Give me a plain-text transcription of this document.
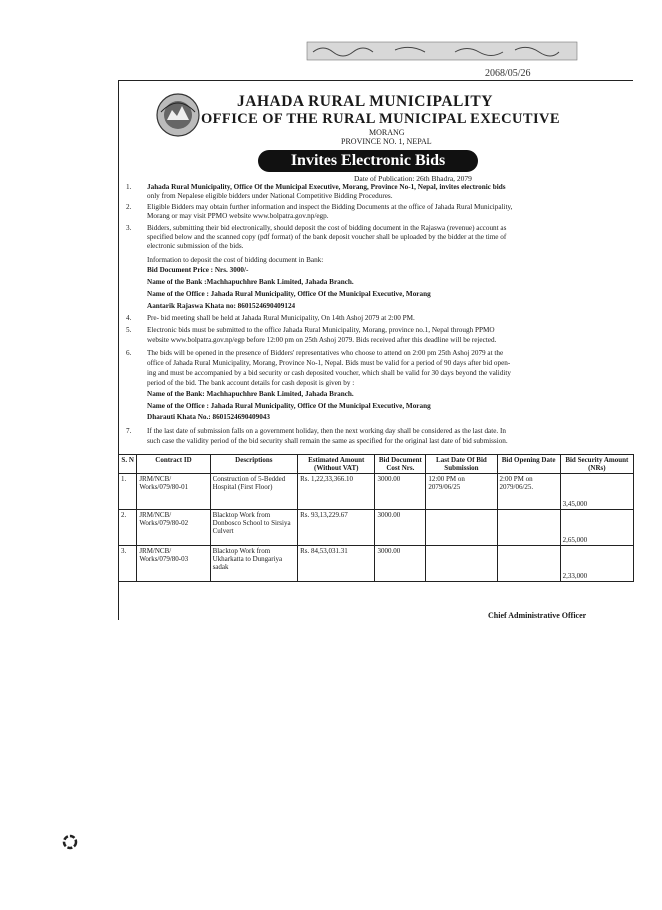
2068/05/26
JAHADA RURAL MUNICIPALITY
OFFICE OF THE RURAL MUNICIPAL EXECUTIVE
MORANG
PROVINCE NO. 1, NEPAL
Invites Electronic Bids
Date of Publication: 26th Bhadra, 2079
1. Jahada Rural Municipality, Office Of the Municipal Executive, Morang, Province No-1, Nepal, invites electronic bids
only from Nepalese eligible bidders under National Competitive Bidding Procedures.
2. Eligible Bidders may obtain further information and inspect the Bidding Documents at the office of Jahada Rural Municipality,
Morang or may visit PPMO website www.bolpatra.gov.np/egp.
3. Bidders, submitting their bid electronically, should deposit the cost of bidding document in the Rajaswa (revenue) account as
specified below and the scanned copy (pdf format) of the bank deposit voucher shall be uploaded by the bidder at the time of
electronic submission of the bids.
Information to deposit the cost of bidding document in Bank:
Bid Document Price : Nrs. 3000/-
Name of the Bank :Machhapuchhre Bank Limited, Jahada Branch.
Name of the Office : Jahada Rural Municipality, Office Of the Municipal Executive, Morang
Aantarik Rajaswa Khata no: 8601524690409124
4. Pre- bid meeting shall be held at Jahada Rural Municipality, On 14th Ashoj 2079 at 2:00 PM.
5. Electronic bids must be submitted to the office Jahada Rural Municipality, Morang, province no.1, Nepal through PPMO
website www.bolpatra.gov.np/egp before 12:00 pm on 25th Ashoj 2079. Bids received after this deadline will be rejected.
6. The bids will be opened in the presence of Bidders' representatives who choose to attend on 2:00 pm 25th Ashoj 2079 at the
office of Jahada Rural Municipality, Morang, Province No-1, Nepal. Bids must be valid for a period of 90 days after bid open-
ing and must be accompanied by a bid security or cash deposited voucher, which shall be valid for 30 days beyond the validity
period of the bid. The bank account details for cash deposit is given by :
Name of the Bank: Machhapuchhre Bank Limited, Jahada Branch.
Name of the Office : Jahada Rural Municipality, Office Of the Municipal Executive, Morang
Dharauti Khata No.: 8601524690409043
7. If the last date of submission falls on a government holiday, then the next working day shall be considered as the last date. In
such case the validity period of the bid security shall remain the same as specified for the original last date of bid submission.
S. N	Contract ID	Descriptions	Estimated Amount (Without VAT)	Bid Document Cost Nrs.	Last Date Of Bid Submission	Bid Opening Date	Bid Security Amount (NRs)
1.	JRM/NCB/ Works/079/80-01	Construction of 5-Bedded Hospital (First Floor)	Rs. 1,22,33,366.10	3000.00	12:00 PM on 2079/06/25	2:00 PM on 2079/06/25.	3,45,000
2.	JRM/NCB/ Works/079/80-02	Blacktop Work from Donbosco School to Sirsiya Culvert	Rs. 93,13,229.67	3000.00			2,65,000
3.	JRM/NCB/ Works/079/80-03	Blacktop Work from Ukharkatta to Dungariya sadak	Rs. 84,53,031.31	3000.00			2,33,000
Chief Administrative Officer
